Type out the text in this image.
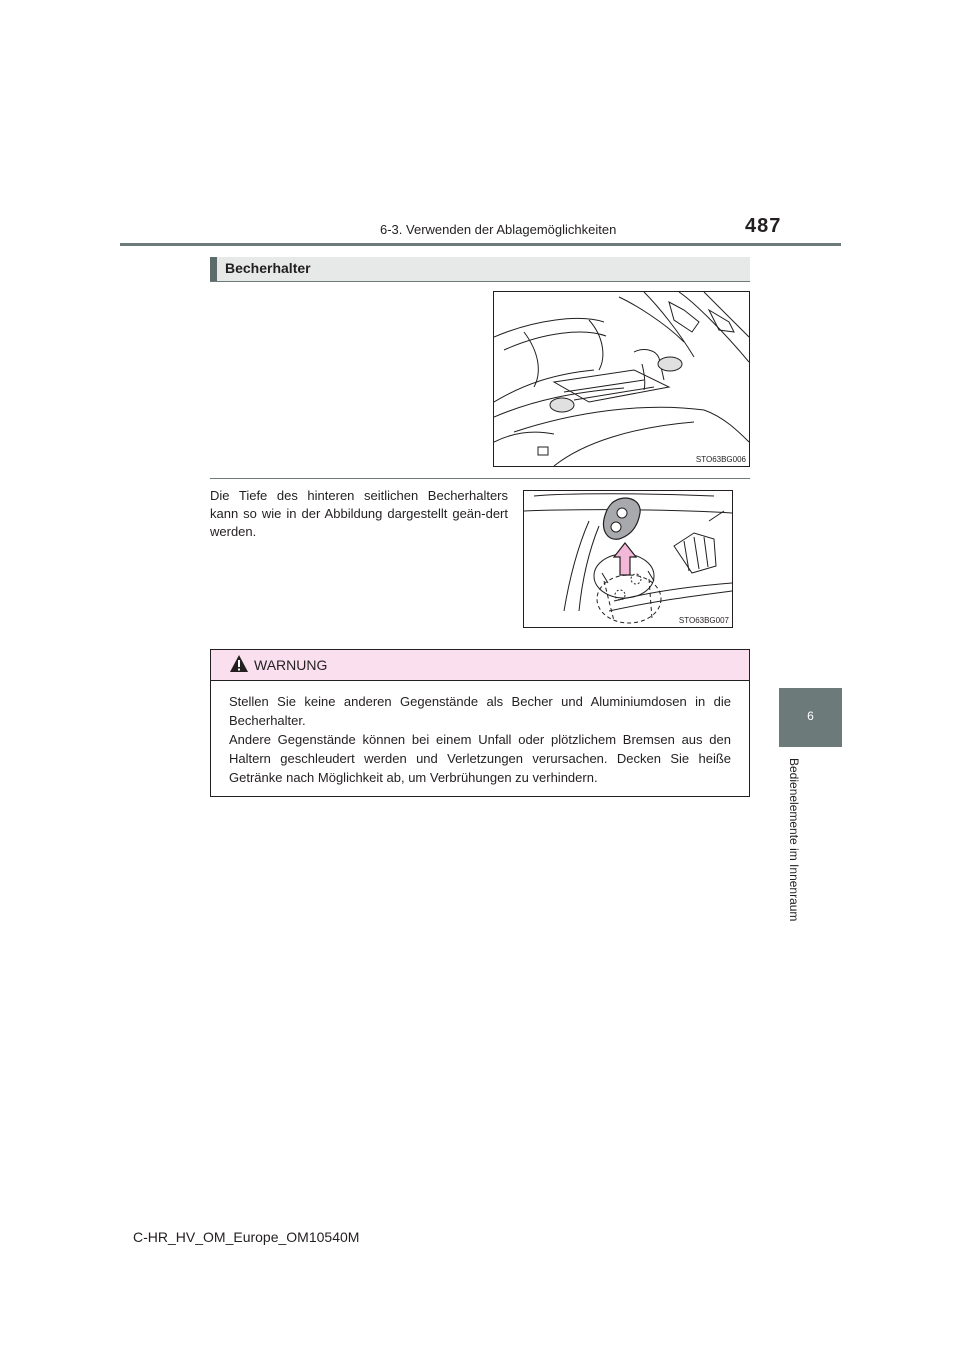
6-3. Verwenden der Ablagemöglichkeiten	487
Becherhalter
STO63BG006
Die Tiefe des hinteren seitlichen Becherhalters kann so wie in der Abbildung dargestellt geän-dert werden.
STO63BG007
WARNUNG

Stellen Sie keine anderen Gegenstände als Becher und Aluminiumdosen in die Becherhalter.

Andere Gegenstände können bei einem Unfall oder plötzlichem Bremsen aus den Haltern geschleudert werden und Verletzungen verursachen. Decken Sie heiße Getränke nach Möglichkeit ab, um Verbrühungen zu verhindern.

6
Bedienelemente im Innenraum
C-HR_HV_OM_Europe_OM10540M
